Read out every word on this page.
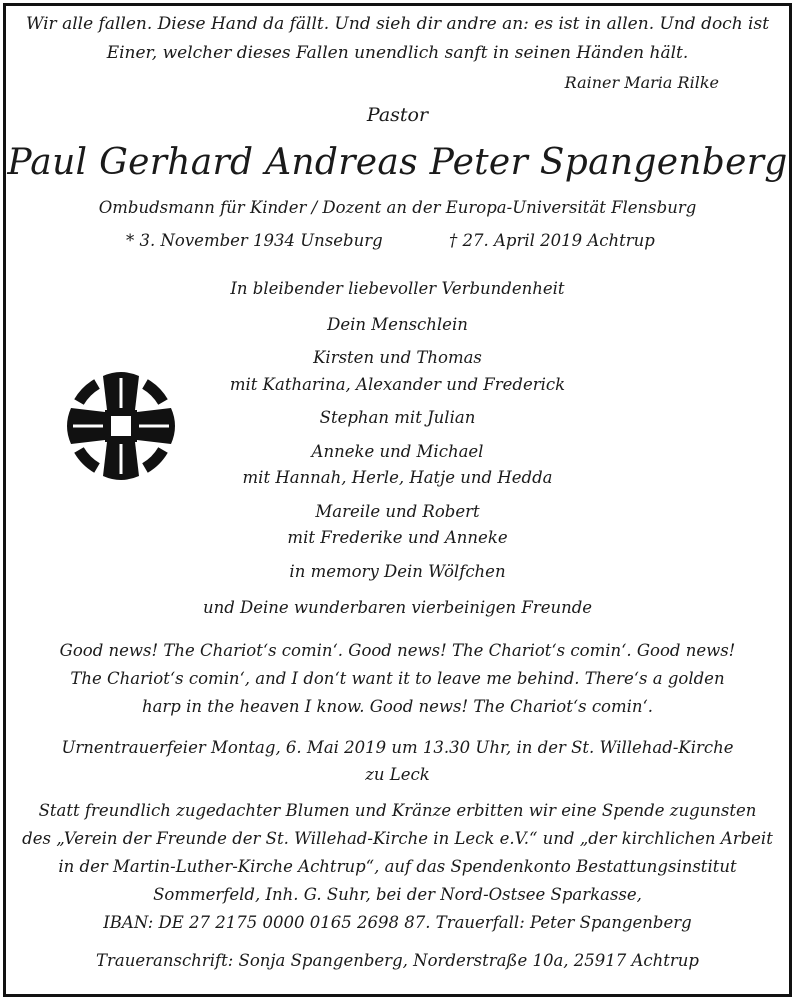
Wir alle fallen. Diese Hand da fällt. Und sieh dir andre an: es ist in allen. Und doch ist
Einer, welcher dieses Fallen unendlich sanft in seinen Händen hält.
Rainer Maria Rilke
Pastor
Paul Gerhard Andreas Peter Spangenberg
Ombudsmann für Kinder / Dozent an der Europa-Universität Flensburg
* 3. November 1934 Unseburg	† 27. April 2019 Achtrup
In bleibender liebevoller Verbundenheit
Dein Menschlein
Kirsten und Thomas
mit Katharina, Alexander und Frederick
Stephan mit Julian
Anneke und Michael
mit Hannah, Herle, Hatje und Hedda
Mareile und Robert
mit Frederike und Anneke
in memory Dein Wölfchen
und Deine wunderbaren vierbeinigen Freunde
Good news! The Chariot‘s comin‘. Good news! The Chariot‘s comin‘. Good news!
The Chariot‘s comin‘, and I don‘t want it to leave me behind. There‘s a golden
harp in the heaven I know. Good news! The Chariot‘s comin‘.
Urnentrauerfeier Montag, 6. Mai 2019 um 13.30 Uhr, in der St. Willehad-Kirche
zu Leck
Statt freundlich zugedachter Blumen und Kränze erbitten wir eine Spende zugunsten
des „Verein der Freunde der St. Willehad-Kirche in Leck e.V.“ und „der kirchlichen Arbeit
in der Martin-Luther-Kirche Achtrup“, auf das Spendenkonto Bestattungsinstitut
Sommerfeld, Inh. G. Suhr, bei der Nord-Ostsee Sparkasse,
IBAN: DE 27 2175 0000 0165 2698 87. Trauerfall: Peter Spangenberg
Traueranschrift: Sonja Spangenberg, Norderstraße 10a, 25917 Achtrup
